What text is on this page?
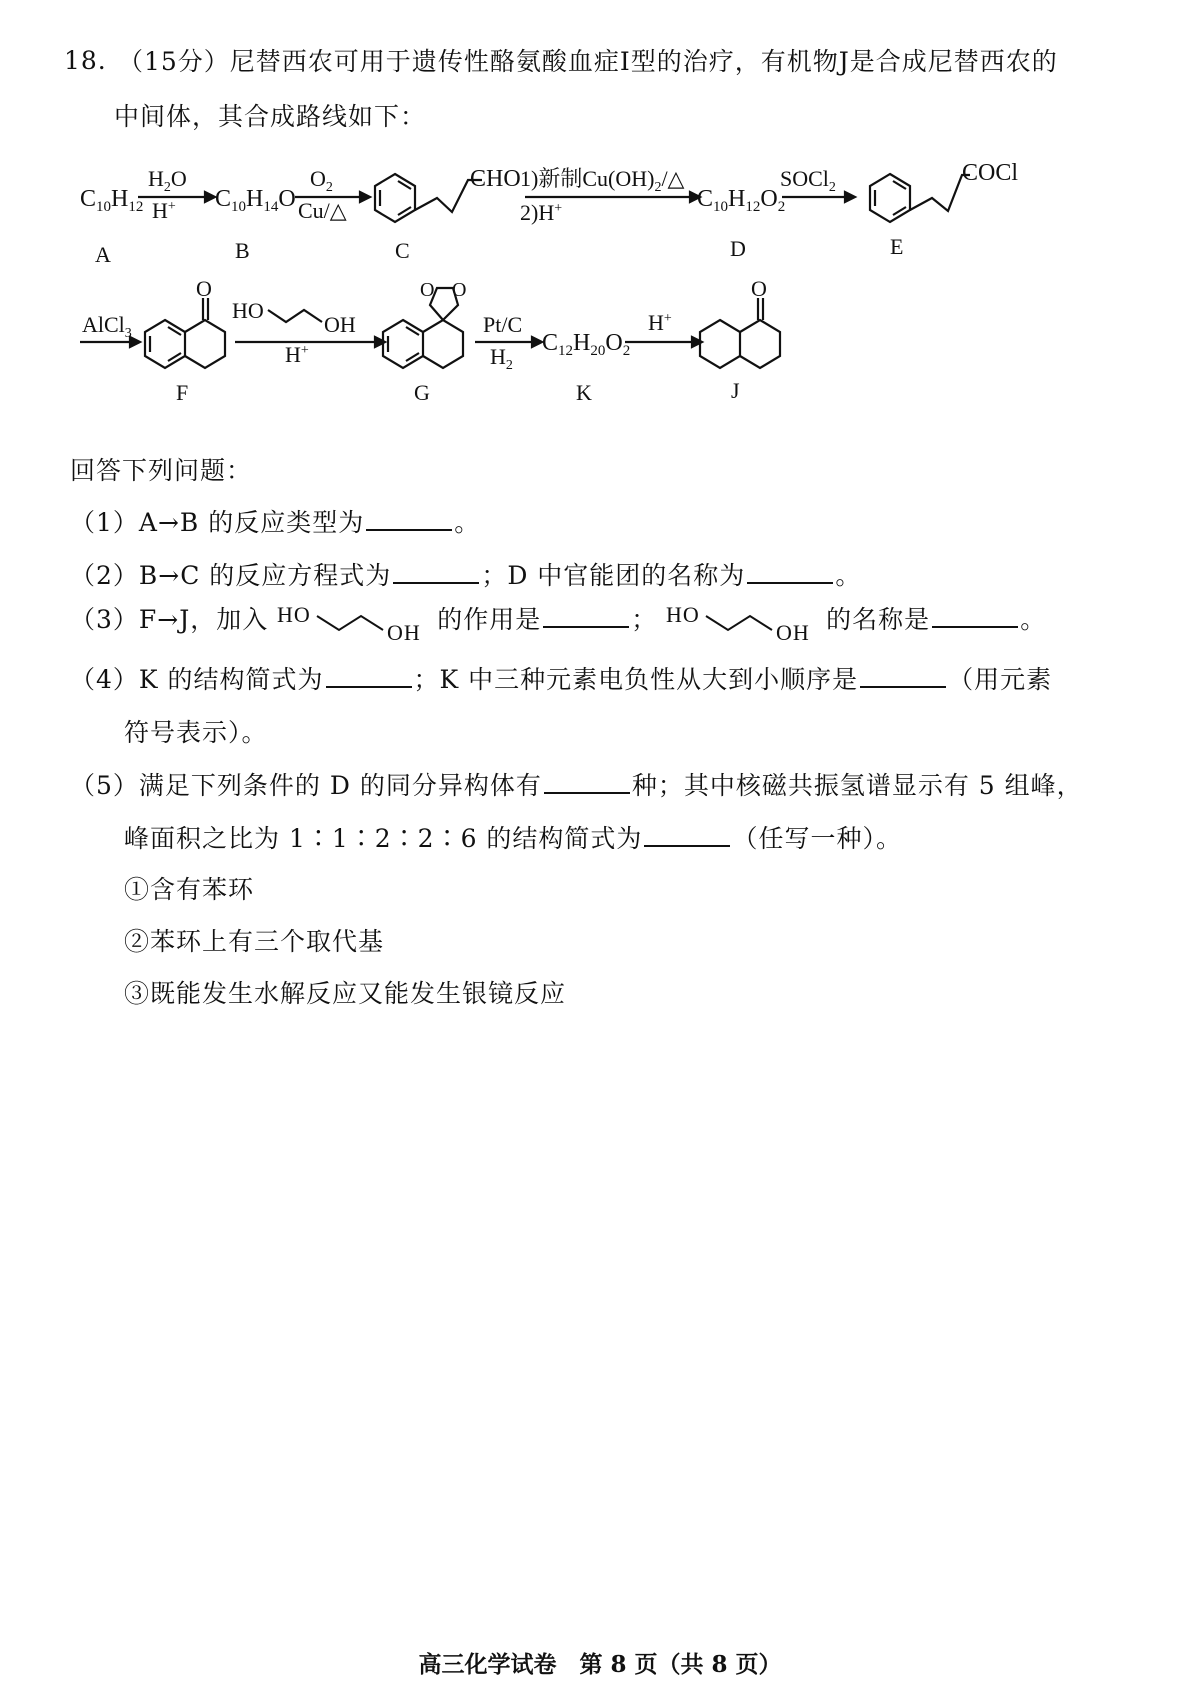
18. （15分）尼替西农可用于遗传性酪氨酸血症Ⅰ型的治疗，有机物J是合成尼替西农的
中间体，其合成路线如下：
$C_{10}H_{12}$
$H_2O$
H+ $C_{10}H_{14}O$
$O_2$
Cu/△
CHO 1)新制$Cu(OH)_2/\triangle$
2)H+	$C_{10}H_{12}O_2$
SOCl$_2$
COCl
A	B	C	D	E
AlCl$_3$
O
HO
OH
H+
O O
Pt/C
$H_2$
$C_{12}H_{20}O_2$
H+
O
F	G	K	J
回答下列问题：
（1）A→B 的反应类型为	。
（2）B→C 的反应方程式为	；D 中官能团的名称为	。
（3）F→J，加入 HO
OH 的作用是	； HO
OH 的名称是	。
（4）K 的结构简式为	；K 中三种元素电负性从大到小顺序是	（用元素
符号表示）。
（5）满足下列条件的 D 的同分异构体有	种；其中核磁共振氢谱显示有 5 组峰，
峰面积之比为 1∶1∶2∶2∶6 的结构简式为	（任写一种）。
①含有苯环
②苯环上有三个取代基
③既能发生水解反应又能发生银镜反应
高三化学试卷　第 8 页（共 8 页）
